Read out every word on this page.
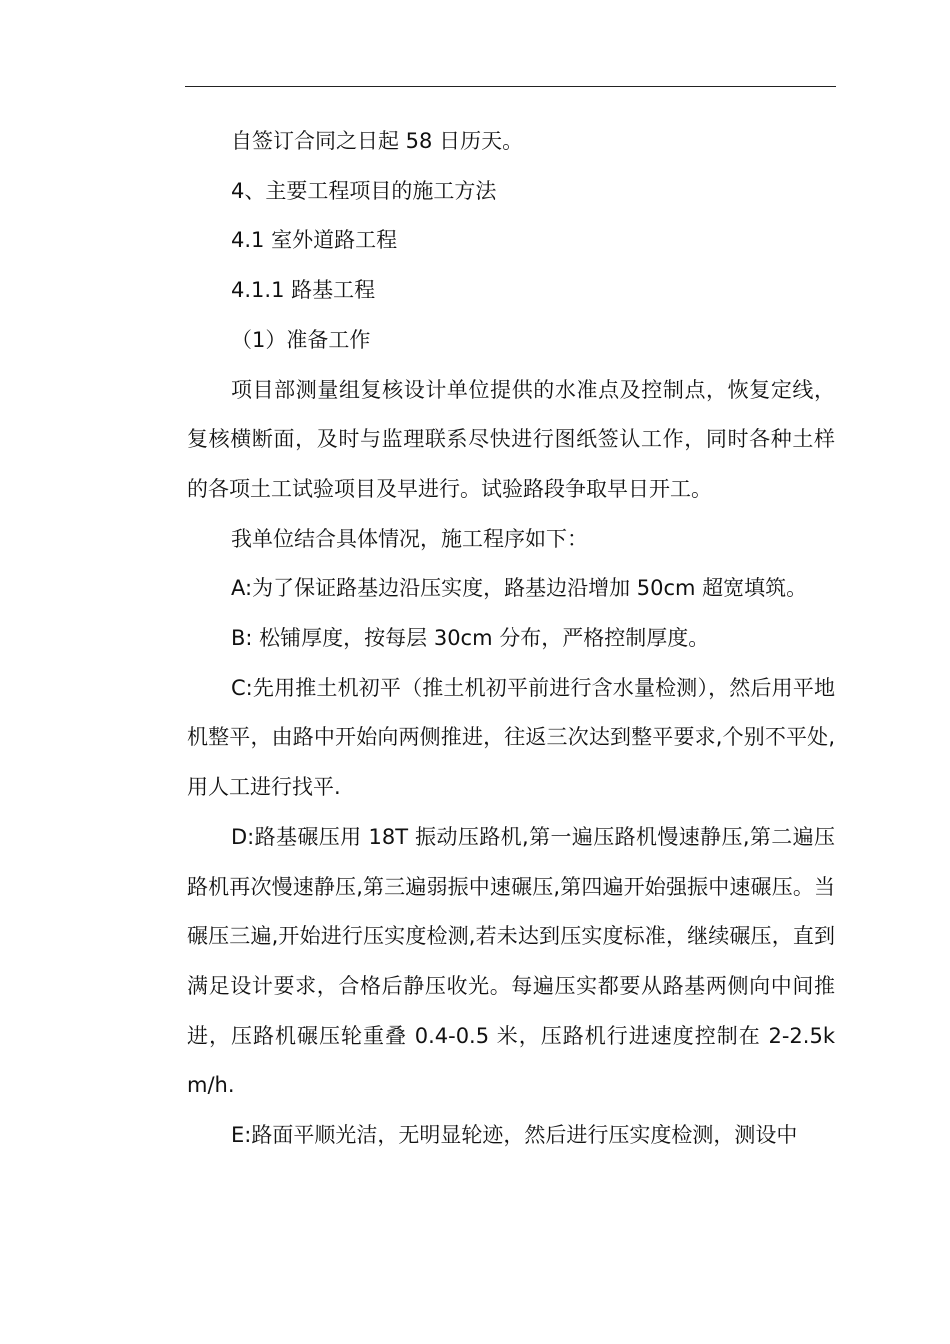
自签订合同之日起 58 日历天。

4、主要工程项目的施工方法

4.1 室外道路工程

4.1.1 路基工程

（1）准备工作

项目部测量组复核设计单位提供的水准点及控制点，恢复定线，复核横断面，及时与监理联系尽快进行图纸签认工作，同时各种土样的各项土工试验项目及早进行。试验路段争取早日开工。

我单位结合具体情况，施工程序如下：

A:为了保证路基边沿压实度，路基边沿增加 50cm 超宽填筑。

B: 松铺厚度，按每层 30cm 分布，严格控制厚度。

C:先用推土机初平（推土机初平前进行含水量检测），然后用平地机整平，由路中开始向两侧推进，往返三次达到整平要求,个别不平处,用人工进行找平.

D:路基碾压用 18T 振动压路机,第一遍压路机慢速静压,第二遍压路机再次慢速静压,第三遍弱振中速碾压,第四遍开始强振中速碾压。当碾压三遍,开始进行压实度检测,若未达到压实度标准，继续碾压，直到满足设计要求，合格后静压收光。每遍压实都要从路基两侧向中间推进，压路机碾压轮重叠 0.4-0.5 米，压路机行进速度控制在 2-2.5km/h.

E:路面平顺光洁，无明显轮迹，然后进行压实度检测，测设中
